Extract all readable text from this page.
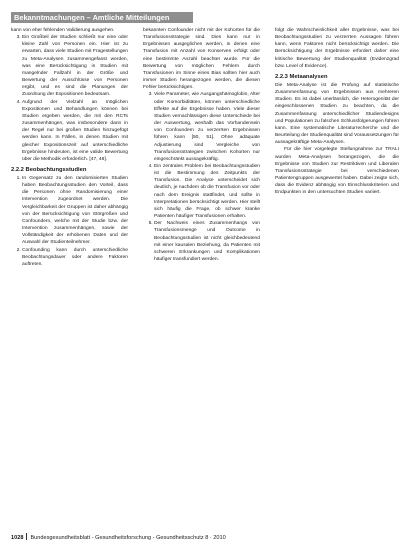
Bekanntmachungen – Amtliche Mitteilungen

kann von eher fehlenden Validierung ausgehen.

3. Ein Großteil der Studien schließt nur eine oder kleine Zahl von Personen ein. Hier ist zu erwarten, dass viele Studien mit Fragestellungen zu Meta-Analysen zusammengefasst werden, was eine Berücksichtigung in Studien mit mangelnder Fallzahl in der Größe und Bewertung der Ausschlüsse von Personen ergibt, und es sind die Planungen der Zuordnung der Expositionen bedeutsam.
4. Aufgrund der Vielzahl an möglichen Expositionen und Behandlungen können bei Studien ergeben werden, die mit den RCTs zusammenhängen, was insbesondere dann in der Regel nur bei großen Studien hinzugefügt werden kann. In Fällen, in denen Studien mit gleicher Expositionszeit auf unterschiedliche Ergebnisse hindeuten, ist eine valide Bewertung über die Methodik erforderlich. [47, 48].
2.2.2 Beobachtungsstudien
1. In Gegensatz zu den randomisierten Studien haben Beobachtungsstudien den Vorteil, dass die Personen ohne Randomisierung einer Intervention zugeordnet werden. Die Vergleichbarkeit der Gruppen ist daher abhängig von der Berücksichtigung von Störgrößen und Confoundern, welche mit der Studie bzw. der Intervention zusammenhängen, sowie der Vollständigkeit der erhobenen Daten und der Auswahl der Studienteilnehmer.
2. Confounding kann durch unterschiedliche Beobachtungsdauer oder andere Faktoren auftreten.

bekannten Confounder nicht mit der Kohorten für die Transfusionsstrategie sind. Dies kann nur in Ergebnissen ausgeglichen werden, in denen eine Transfusion mit Anzahl von Konserven erfolgt oder eine bestimmte Anzahl beachtet wurde. Für die Bewertung von möglichen Fehlern durch Transfusionen im Sinne eines Bias sollten hier auch immer Studien herangezogen werden, die diesen Fehler berücksichtigen.

3. Viele Parameter, wie Ausgangshämoglobin, Alter oder Komorbiditäten, können unterschiedliche Effekte auf die Ergebnisse haben. Viele dieser Studien vernachlässigen diese Unterschiede bei der Auswertung, weshalb das Vorhandensein von Confoundern zu verzerrten Ergebnissen führen kann [50, 51]. Ohne adäquate Adjustierung sind Vergleiche von Transfusionsstrategien zwischen Kohorten nur eingeschränkt aussagekräftig.
4. Ein zentrales Problem bei Beobachtungsstudien ist die Bestimmung des Zeitpunkts der Transfusion. Die Analyse unterscheidet sich deutlich, je nachdem ob die Transfusion vor oder nach dem Ereignis stattfindet, und sollte in Interpretationen berücksichtigt werden. Hier stellt sich häufig die Frage, ob schwer kranke Patienten häufiger Transfusionen erhalten.
5. Der Nachweis eines Zusammenhangs von Transfusionsmenge und Outcome in Beobachtungsstudien ist nicht gleichbedeutend mit einer kausalen Beziehung, da Patienten mit schweren Erkrankungen und Komplikationen häufiger transfundiert werden.

folgt die Wahrscheinlichkeit aller Ergebnisse, was bei Beobachtungsstudien zu verzerrten Aussagen führen kann, wenn Faktoren nicht berücksichtigt werden. Die Berücksichtigung der Ergebnisse erfordert daher eine kritische Bewertung der Studienqualität (Evidenzgrad bzw. Level of Evidence).

2.2.3 Metaanalysen

Die Meta-Analyse ist die Prüfung auf statistische Zusammenfassung von Ergebnissen aus mehreren Studien. Es ist dabei unerlässlich, die Heterogenität der eingeschlossenen Studien zu beachten, da die Zusammenfassung unterschiedlicher Studiendesigns und Populationen zu falschen Schlussfolgerungen führen kann. Eine systematische Literaturrecherche und die Beurteilung der Studienqualität sind Voraussetzungen für aussagekräftige Meta-Analysen.

Für die hier vorgelegte Stellungnahme zur TRALI wurden Meta-Analysen herangezogen, die die Ergebnisse von Studien zur Restriktiven und Liberalen Transfusionsstrategie bei verschiedenen Patientengruppen ausgewertet haben. Dabei zeigte sich, dass die Evidenz abhängig von Einschlusskriterien und Endpunkten in den untersuchten Studien variiert.

1028 Bundesgesundheitsblatt - Gesundheitsforschung - Gesundheitsschutz 8 · 2010
